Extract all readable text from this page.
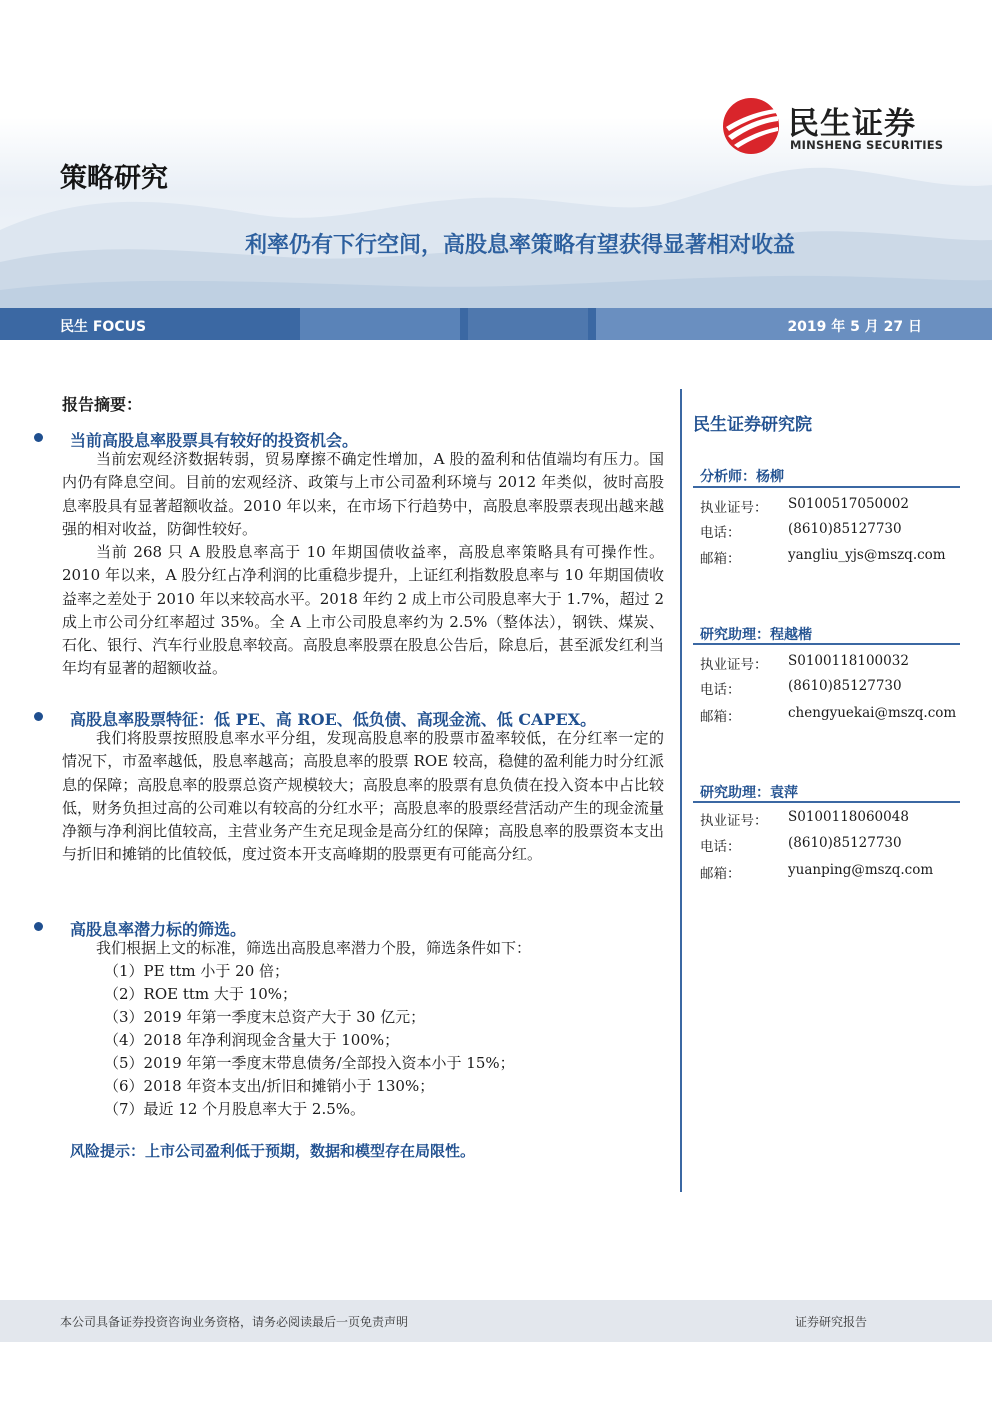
民生证券
MINSHENG SECURITIES
策略研究
利率仍有下行空间，高股息率策略有望获得显著相对收益
民生 FOCUS	2019 年 5 月 27 日
报告摘要：
当前高股息率股票具有较好的投资机会。

当前宏观经济数据转弱，贸易摩擦不确定性增加，A 股的盈利和估值端均有压力。国内仍有降息空间。目前的宏观经济、政策与上市公司盈利环境与 2012 年类似，彼时高股息率股具有显著超额收益。2010 年以来，在市场下行趋势中，高股息率股票表现出越来越强的相对收益，防御性较好。

当前 268 只 A 股股息率高于 10 年期国债收益率，高股息率策略具有可操作性。2010 年以来，A 股分红占净利润的比重稳步提升，上证红利指数股息率与 10 年期国债收益率之差处于 2010 年以来较高水平。2018 年约 2 成上市公司股息率大于 1.7%，超过 2 成上市公司分红率超过 35%。全 A 上市公司股息率约为 2.5%（整体法），钢铁、煤炭、石化、银行、汽车行业股息率较高。高股息率股票在股息公告后，除息后，甚至派发红利当年均有显著的超额收益。

高股息率股票特征：低 PE、高 ROE、低负债、高现金流、低 CAPEX。

我们将股票按照股息率水平分组，发现高股息率的股票市盈率较低，在分红率一定的情况下，市盈率越低，股息率越高；高股息率的股票 ROE 较高，稳健的盈利能力时分红派息的保障；高股息率的股票总资产规模较大；高股息率的股票有息负债在投入资本中占比较低，财务负担过高的公司难以有较高的分红水平；高股息率的股票经营活动产生的现金流量净额与净利润比值较高，主营业务产生充足现金是高分红的保障；高股息率的股票资本支出与折旧和摊销的比值较低，度过资本开支高峰期的股票更有可能高分红。

高股息率潜力标的筛选。
我们根据上文的标准，筛选出高股息率潜力个股，筛选条件如下：
（1）PE ttm 小于 20 倍；
（2）ROE ttm 大于 10%；
（3）2019 年第一季度末总资产大于 30 亿元；
（4）2018 年净利润现金含量大于 100%；
（5）2019 年第一季度末带息债务/全部投入资本小于 15%；
（6）2018 年资本支出/折旧和摊销小于 130%；
（7）最近 12 个月股息率大于 2.5%。
风险提示：上市公司盈利低于预期，数据和模型存在局限性。
民生证券研究院
分析师：杨柳
执业证号： S0100517050002
电话：	(8610)85127730
邮箱：	yangliu_yjs@mszq.com
研究助理：程越楷
执业证号： S0100118100032
电话：	(8610)85127730
邮箱：	chengyuekai@mszq.com
研究助理：袁萍
执业证号： S0100118060048
电话：	(8610)85127730
邮箱：	yuanping@mszq.com
本公司具备证券投资咨询业务资格，请务必阅读最后一页免责声明	证券研究报告
